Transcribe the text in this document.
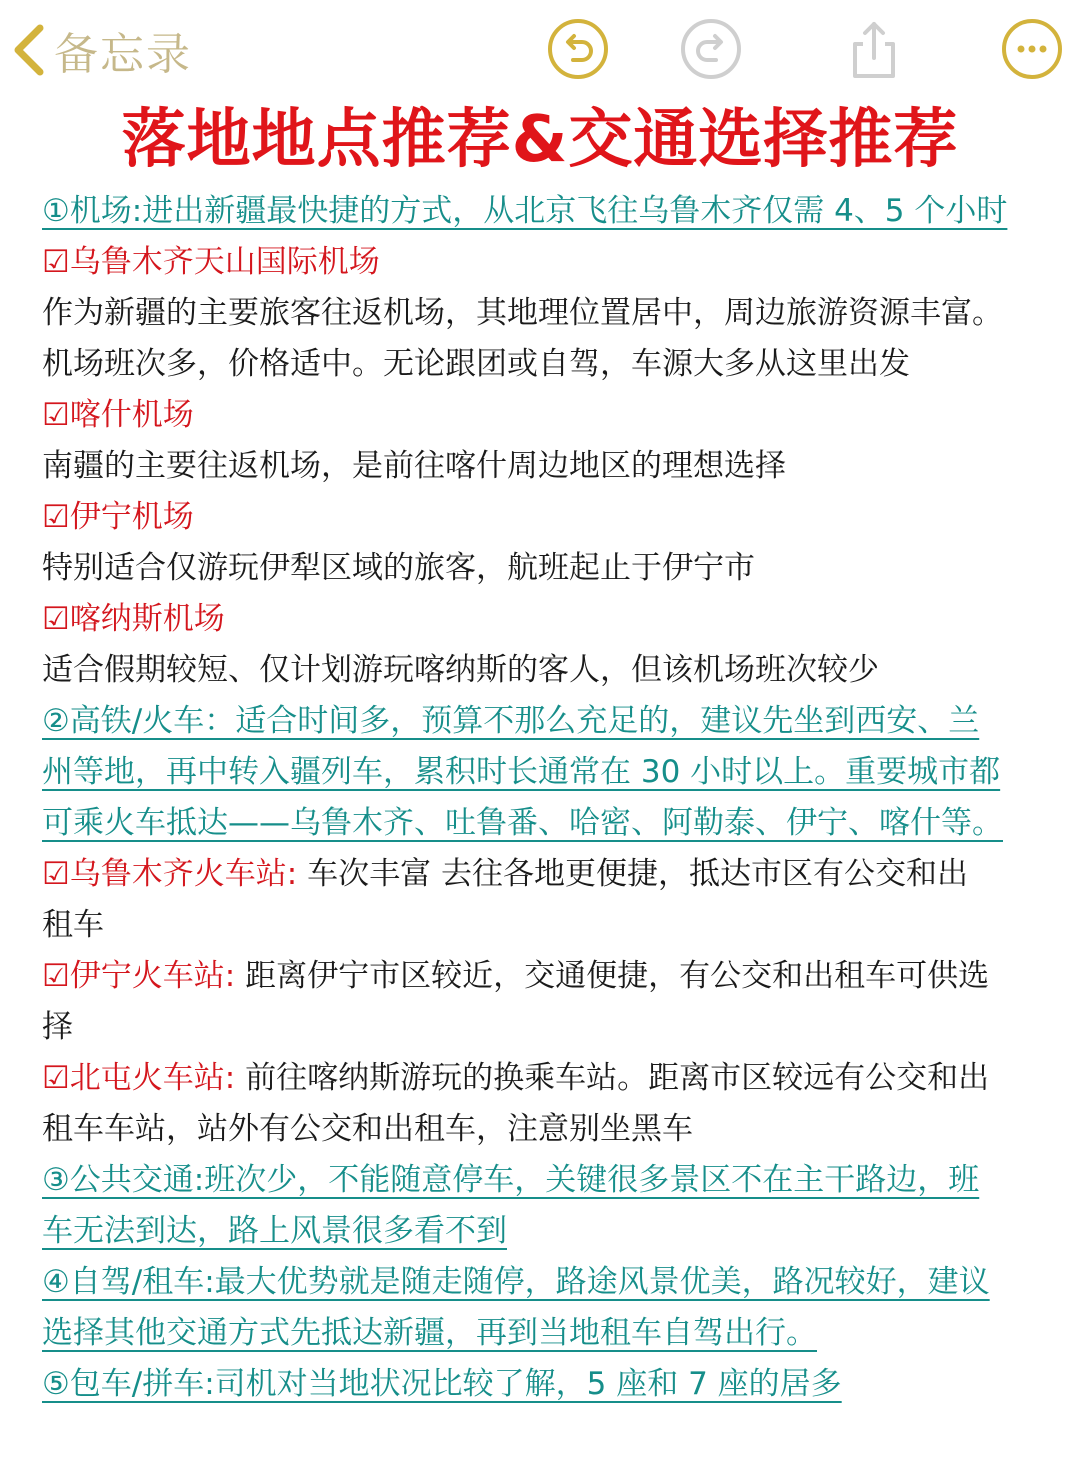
备忘录
落地地点推荐&交通选择推荐
①机场:进出新疆最快捷的方式，从北京飞往乌鲁木齐仅需 4、5 个小时
☑乌鲁木齐天山国际机场
作为新疆的主要旅客往返机场，其地理位置居中，周边旅游资源丰富。
机场班次多，价格适中。无论跟团或自驾，车源大多从这里出发
☑喀什机场
南疆的主要往返机场，是前往喀什周边地区的理想选择
☑伊宁机场
特别适合仅游玩伊犁区域的旅客，航班起止于伊宁市
☑喀纳斯机场
适合假期较短、仅计划游玩喀纳斯的客人，但该机场班次较少
②高铁/火车：适合时间多，预算不那么充足的，建议先坐到西安、兰
州等地，再中转入疆列车，累积时长通常在 30 小时以上。重要城市都
可乘火车抵达——乌鲁木齐、吐鲁番、哈密、阿勒泰、伊宁、喀什等。
☑乌鲁木齐火车站: 车次丰富 去往各地更便捷，抵达市区有公交和出
租车
☑伊宁火车站: 距离伊宁市区较近，交通便捷，有公交和出租车可供选
择
☑北屯火车站: 前往喀纳斯游玩的换乘车站。距离市区较远有公交和出
租车车站，站外有公交和出租车，注意别坐黑车
③公共交通:班次少，不能随意停车，关键很多景区不在主干路边，班
车无法到达，路上风景很多看不到
④自驾/租车:最大优势就是随走随停，路途风景优美，路况较好，建议
选择其他交通方式先抵达新疆，再到当地租车自驾出行。
⑤包车/拼车:司机对当地状况比较了解，5 座和 7 座的居多
